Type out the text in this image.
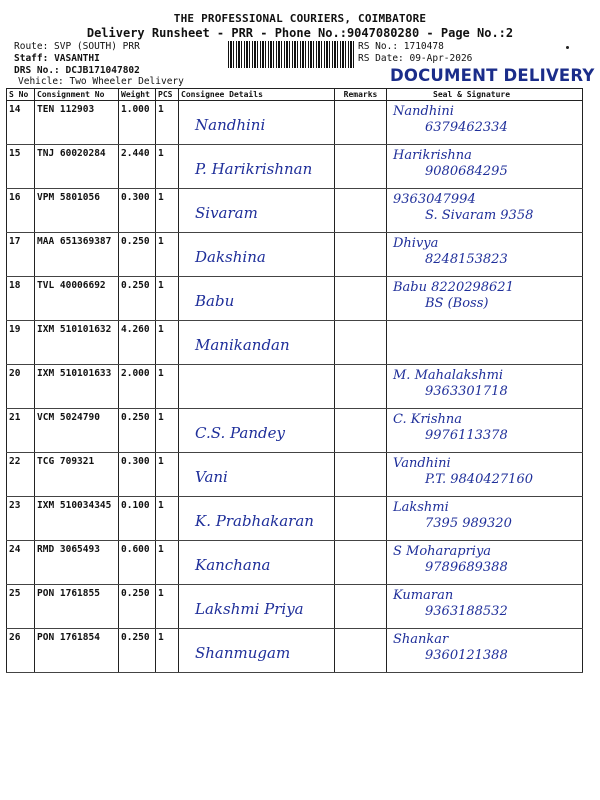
THE PROFESSIONAL COURIERS, COIMBATORE
Delivery Runsheet - PRR - Phone No.:9047080280 - Page No.:2
Route: SVP (SOUTH) PRR
Staff: VASANTHI
DRS No.: DCJB171047802
Vehicle: Two Wheeler Delivery
RS No.: 1710478
RS Date: 09-Apr-2026
DOCUMENT DELIVERY
S No	Consignment No	Weight	PCS	Consignee Details	Remarks	Seal & Signature
14	TEN 112903	1.000	1	Nandhini		Nandhini
6379462334

15	TNJ 60020284	2.440	1	P. Harikrishnan		Harikrishna
9080684295

16	VPM 5801056	0.300	1	Sivaram		9363047994
S. Sivaram 9358

17	MAA 651369387	0.250	1	Dakshina		Dhivya
8248153823

18	TVL 40006692	0.250	1	Babu		Babu 8220298621
BS (Boss)

19	IXM 510101632	4.260	1	Manikandan		

20	IXM 510101633	2.000	1			M. Mahalakshmi
9363301718

21	VCM 5024790	0.250	1	C.S. Pandey		C. Krishna
9976113378

22	TCG 709321	0.300	1	Vani		Vandhini
P.T. 9840427160

23	IXM 510034345	0.100	1	K. Prabhakaran		Lakshmi
7395 989320

24	RMD 3065493	0.600	1	Kanchana		S Moharapriya
9789689388

25	PON 1761855	0.250	1	Lakshmi Priya		Kumaran
9363188532

26	PON 1761854	0.250	1	Shanmugam		Shankar
9360121388
